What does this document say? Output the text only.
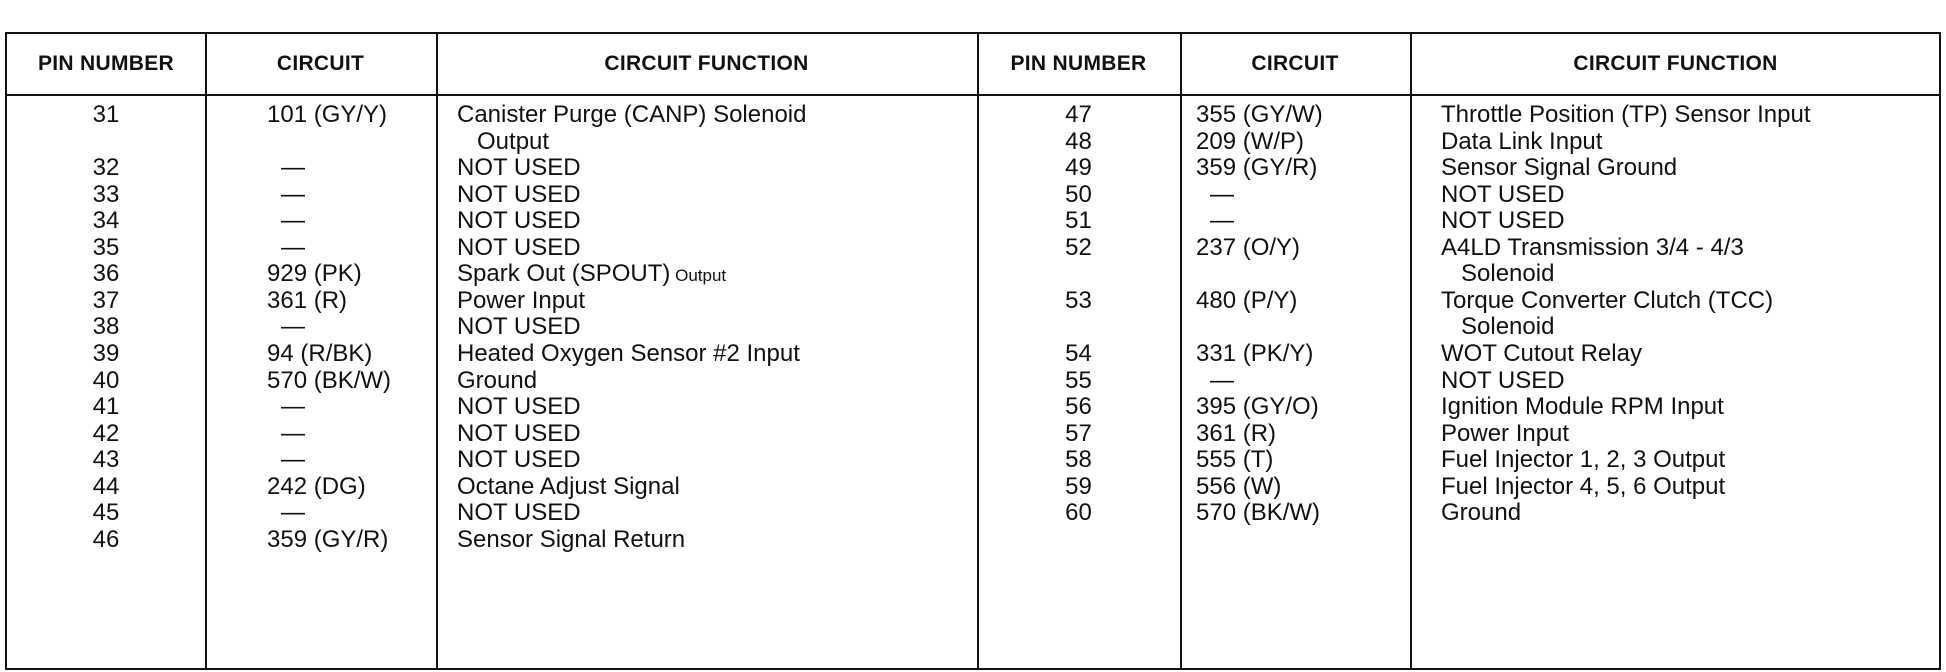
PIN NUMBER	CIRCUIT	CIRCUIT FUNCTION	PIN NUMBER	CIRCUIT	CIRCUIT FUNCTION
31	101 (GY/Y)	Canister Purge (CANP) Solenoid
Output
32	—	NOT USED
33	—	NOT USED
34	—	NOT USED
35	—	NOT USED
36	929 (PK)	Spark Out (SPOUT) Output
37	361 (R)	Power Input
38	—	NOT USED
39	94 (R/BK)	Heated Oxygen Sensor #2 Input
40	570 (BK/W)	Ground
41	—	NOT USED
42	—	NOT USED
43	—	NOT USED
44	242 (DG)	Octane Adjust Signal
45	—	NOT USED
46	359 (GY/R)	Sensor Signal Return
47	355 (GY/W)	Throttle Position (TP) Sensor Input
48	209 (W/P)	Data Link Input
49	359 (GY/R)	Sensor Signal Ground
50	—	NOT USED
51	—	NOT USED
52	237 (O/Y)	A4LD Transmission 3/4 - 4/3
Solenoid
53	480 (P/Y)	Torque Converter Clutch (TCC)
Solenoid
54	331 (PK/Y)	WOT Cutout Relay
55	—	NOT USED
56	395 (GY/O)	Ignition Module RPM Input
57	361 (R)	Power Input
58	555 (T)	Fuel Injector 1, 2, 3 Output
59	556 (W)	Fuel Injector 4, 5, 6 Output
60	570 (BK/W)	Ground
